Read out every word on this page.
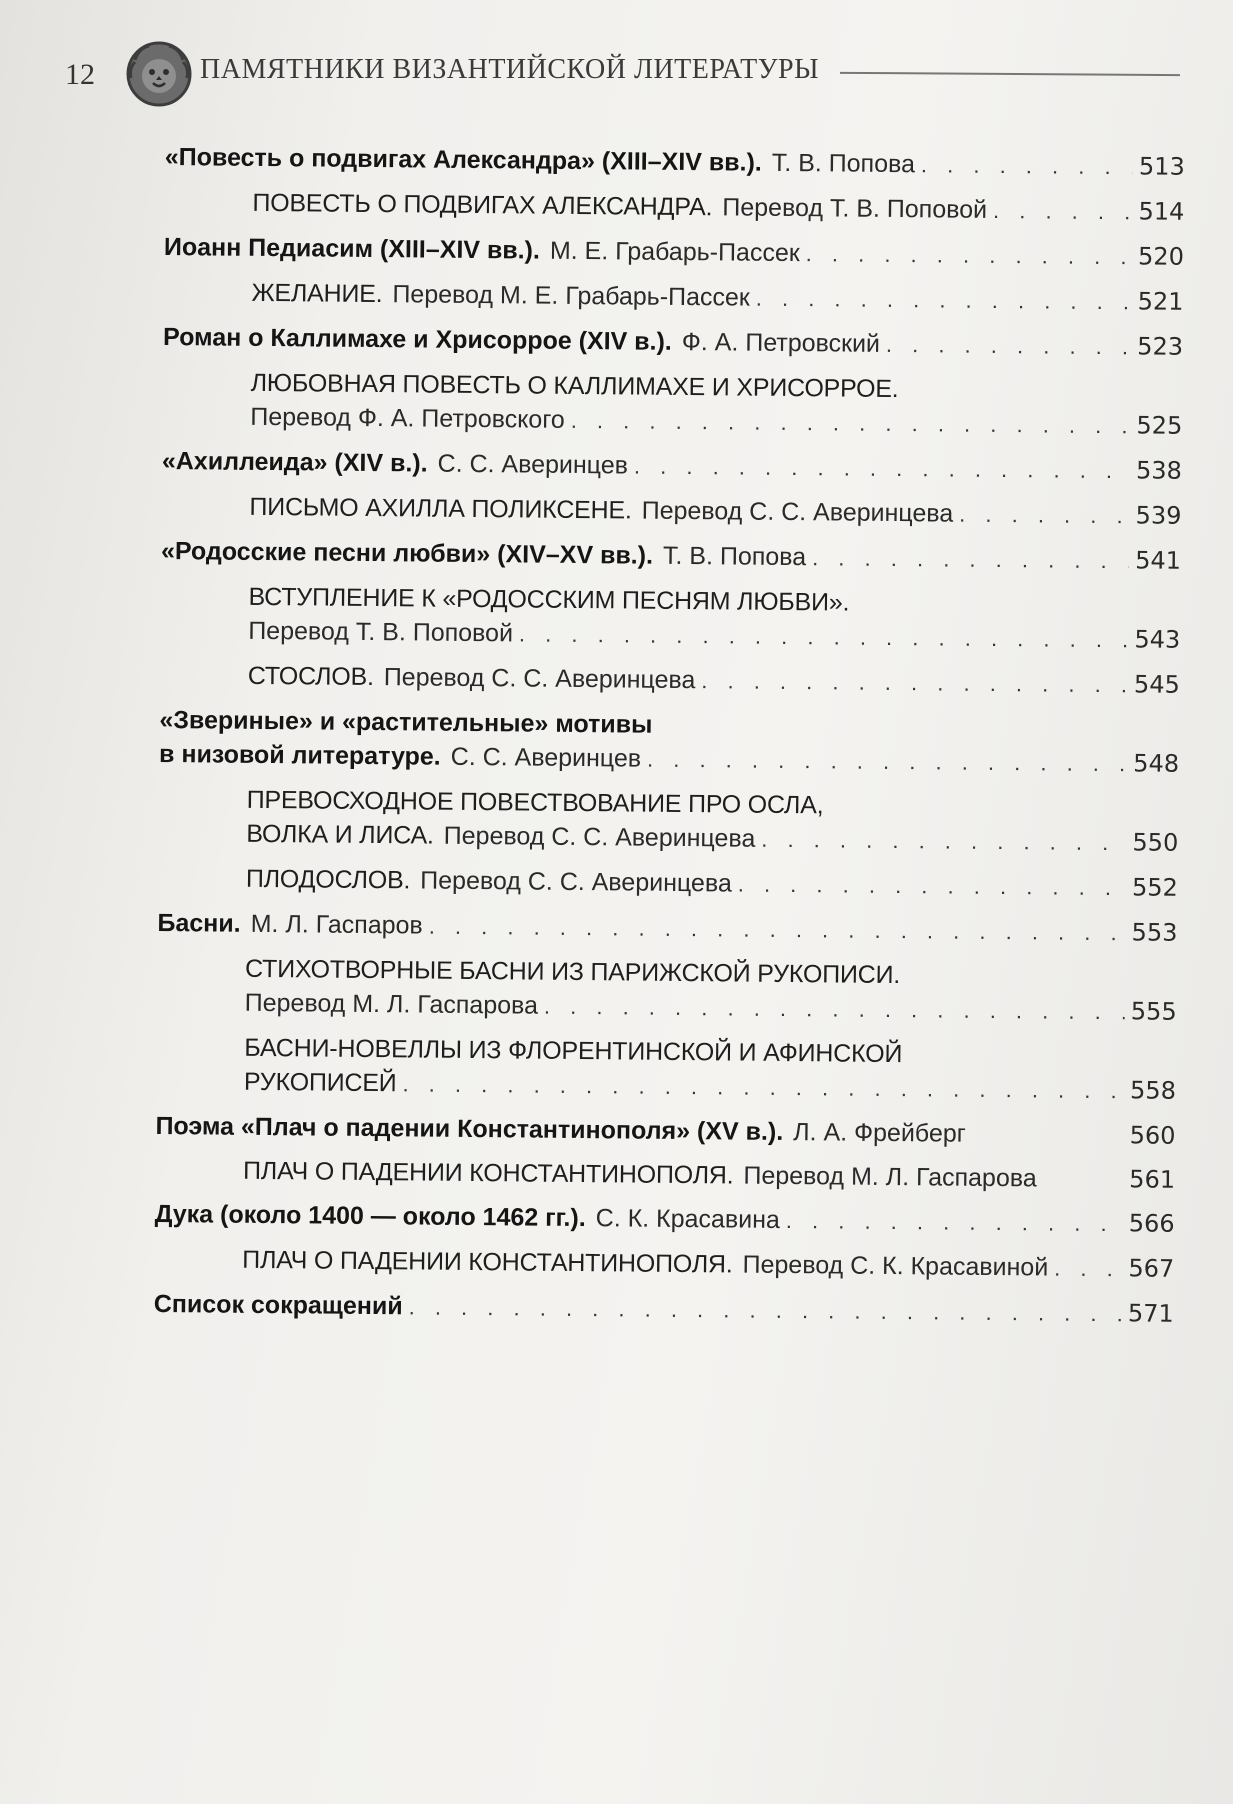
12	ПАМЯТНИКИ ВИЗАНТИЙСКОЙ ЛИТЕРАТУРЫ
«Повесть о подвигах Александра» (XIII–XIV вв.). Т. В. Попова . . .	513
ПОВЕСТЬ О ПОДВИГАХ АЛЕКСАНДРА. Перевод Т. В. Поповой . . .	514
Иоанн Педиасим (XIII–XIV вв.). М. Е. Грабарь-Пассек . . .	520
ЖЕЛАНИЕ. Перевод М. Е. Грабарь-Пассек . . .	521
Роман о Каллимахе и Хрисорроe (XIV в.). Ф. А. Петровский . . .	523
ЛЮБОВНАЯ ПОВЕСТЬ О КАЛЛИМАХЕ И ХРИСОРРОЕ.
Перевод Ф. А. Петровского . . .	525
«Ахиллеида» (XIV в.). С. С. Аверинцев . . .	538
ПИСЬМО АХИЛЛА ПОЛИКСЕНЕ. Перевод С. С. Аверинцева . . .	539
«Родосские песни любви» (XIV–XV вв.). Т. В. Попова . . .	541
ВСТУПЛЕНИЕ К «РОДОССКИМ ПЕСНЯМ ЛЮБВИ».
Перевод Т. В. Поповой . . .	543
СТОСЛОВ. Перевод С. С. Аверинцева . . .	545
«Звериные» и «растительные» мотивы
в низовой литературе. С. С. Аверинцев . . .	548
ПРЕВОСХОДНОЕ ПОВЕСТВОВАНИЕ ПРО ОСЛА,
ВОЛКА И ЛИСА. Перевод С. С. Аверинцева . . .	550
ПЛОДОСЛОВ. Перевод С. С. Аверинцева . . .	552
Басни. М. Л. Гаспаров . . .	553
СТИХОТВОРНЫЕ БАСНИ ИЗ ПАРИЖСКОЙ РУКОПИСИ.
Перевод М. Л. Гаспарова . . .	555
БАСНИ-НОВЕЛЛЫ ИЗ ФЛОРЕНТИНСКОЙ И АФИНСКОЙ
РУКОПИСЕЙ . . .	558
Поэма «Плач о падении Константинополя» (XV в.). Л. А. Фрейберг	560
ПЛАЧ О ПАДЕНИИ КОНСТАНТИНОПОЛЯ. Перевод М. Л. Гаспарова	561
Дука (около 1400 — около 1462 гг.). С. К. Красавина . . .	566
ПЛАЧ О ПАДЕНИИ КОНСТАНТИНОПОЛЯ. Перевод С. К. Красавиной . . .	567
Список сокращений . . .	571
